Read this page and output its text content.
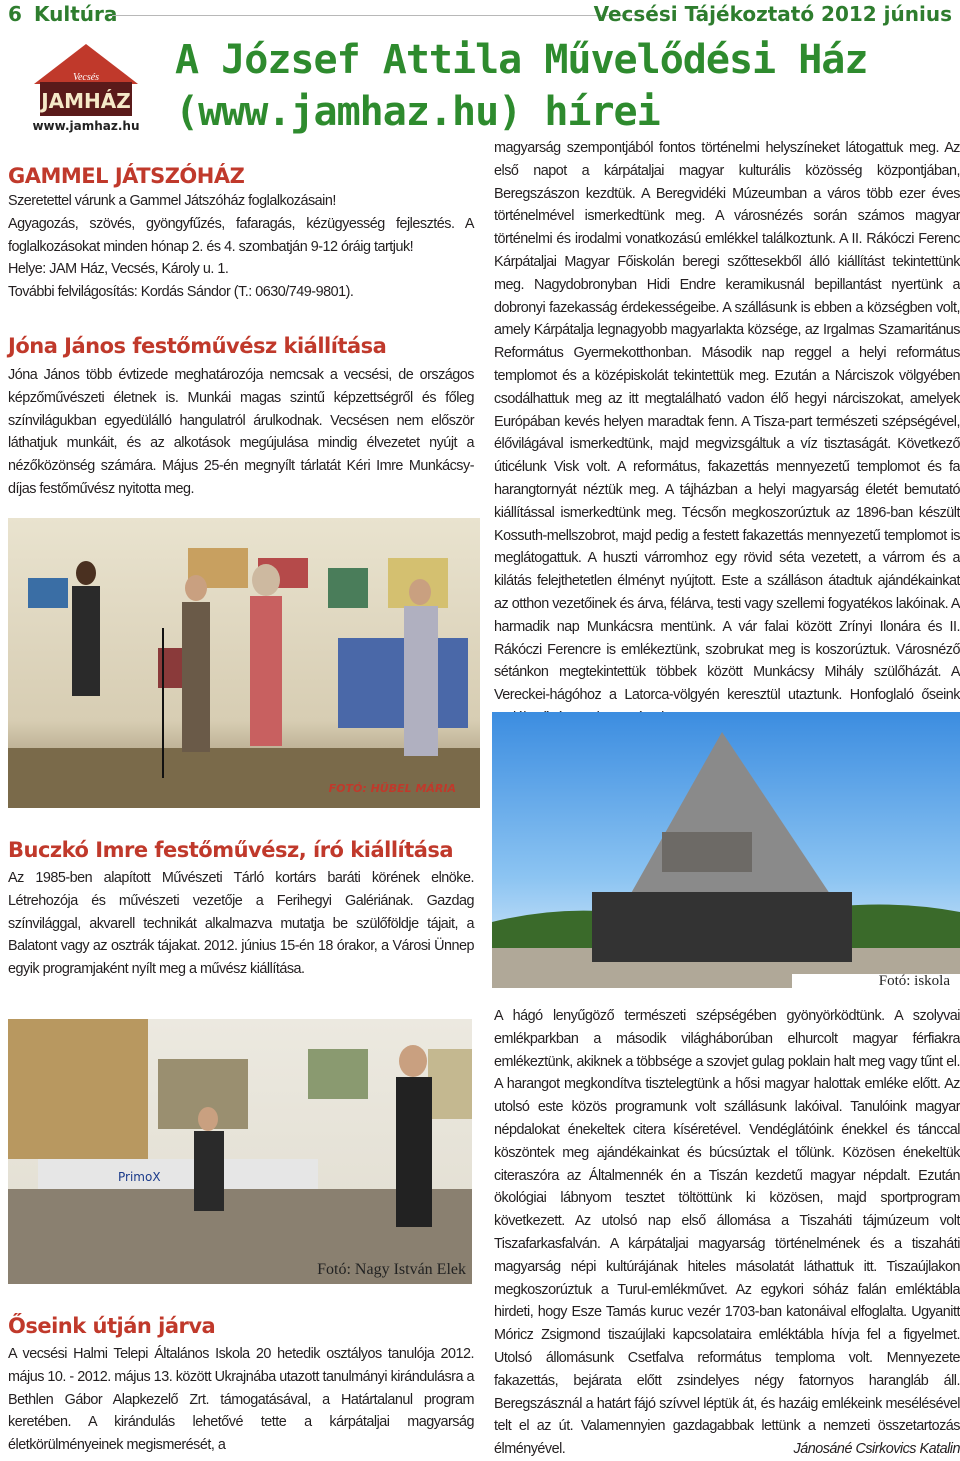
6 Kultúra	Vecsési Tájékoztató 2012 június
Vecsés
JAMHÁZ
www.jamhaz.hu
A József Attila Művelődési Ház
(www.jamhaz.hu) hírei
GAMMEL JÁTSZÓHÁZ

Szeretettel várunk a Gammel Játszóház foglalkozásain!

Agyagozás, szövés, gyöngyfűzés, fafaragás, kézügyesség fejlesztés. A foglalkozásokat minden hónap 2. és 4. szombatján 9-12 óráig tartjuk!

Helye: JAM Ház, Vecsés, Károly u. 1.

További felvilágosítás: Kordás Sándor (T.: 0630/749-9801).

Jóna János festőművész kiállítása

Jóna János több évtizede meghatározója nemcsak a vecsési, de országos képzőművészeti életnek is. Munkái magas szintű képzettségről és főleg színvilágukban egyedülálló hangulatról árulkodnak. Vecsésen nem először láthatjuk munkáit, és az alkotások megújulása mindig élvezetet nyújt a nézőközönség számára. Május 25-én megnyílt tárlatát Kéri Imre Munkácsy-díjas festőművész nyitotta meg.

FOTÓ: HÜBEL MÁRIA
Buczkó Imre festőművész, író kiállítása

Az 1985-ben alapított Művészeti Tárló kortárs baráti körének elnöke. Létrehozója és művészeti vezetője a Ferihegyi Galériának. Gazdag színvilággal, akvarell technikát alkalmazva mutatja be szülőföldje tájait, a Balatont vagy az osztrák tájakat. 2012. június 15-én 18 órakor, a Városi Ünnep egyik programjaként nyílt meg a művész kiállítása.

PrimoX
Fotó: Nagy István Elek
Őseink útján járva

A vecsési Halmi Telepi Általános Iskola 20 hetedik osztályos tanulója 2012. május 10. - 2012. május 13. között Ukrajnába utazott tanulmányi kirándulásra a Bethlen Gábor Alapkezelő Zrt. támogatásával, a Határtalanul program keretében. A kirándulás lehetővé tette a kárpátaljai magyarság életkörülményeinek megismerését, a

magyarság szempontjából fontos történelmi helyszíneket látogattuk meg. Az első napot a kárpátaljai magyar kulturális közösség központjában, Beregszászon kezdtük. A Beregvidéki Múzeumban a város több ezer éves történelmével ismerkedtünk meg. A városnézés során számos magyar történelmi és irodalmi vonatkozású emlékkel találkoztunk. A II. Rákóczi Ferenc Kárpátaljai Magyar Főiskolán beregi szőttesekből álló kiállítást tekintettünk meg. Nagydobronyban Hidi Endre keramikusnál bepillantást nyertünk a dobronyi fazekasság érdekességeibe. A szállásunk is ebben a községben volt, amely Kárpátalja legnagyobb magyarlakta községe, az Irgalmas Szamaritánus Református Gyermekotthonban. Második nap reggel a helyi református templomot és a középiskolát tekintettük meg. Ezután a Nárciszok völgyében csodálhattuk meg az itt megtalálható vadon élő hegyi nárciszokat, amelyek Európában kevés helyen maradtak fenn. A Tisza-part természeti szépségével, élővilágával ismerkedtünk, majd megvizsgáltuk a víz tisztaságát. Következő úticélunk Visk volt. A református, fakazettás mennyezetű templomot és fa harangtornyát néztük meg. A tájházban a helyi magyarság életét bemutató kiállítással ismerkedtünk meg. Técsőn megkoszorúztuk az 1896-ban készült Kossuth-mellszobrot, majd pedig a festett fakazettás mennyezetű templomot is meglátogattuk. A huszti várromhoz egy rövid séta vezetett, a várrom és a kilátás felejthetetlen élményt nyújtott. Este a szálláson átadtuk ajándékainkat az otthon vezetőinek és árva, félárva, testi vagy szellemi fogyatékos lakóinak. A harmadik nap Munkácsra mentünk. A vár falai között Zrínyi Ilonára és II. Rákóczi Ferencre is emlékeztünk, szobrukat meg is koszorúztuk. Városnéző sétánkon megtekintettük többek között Munkácsy Mihály szülőházát. A Vereckei-hágóhoz a Latorca-völgyén keresztül utaztunk. Honfoglaló őseink

Fotó: iskola

A hágó lenyűgöző természeti szépségében gyönyörködtünk. A szolyvai emlékparkban a második világháborúban elhurcolt magyar férfiakra emlékeztünk, akiknek a többsége a szovjet gulag poklain halt meg vagy tűnt el. A harangot megkondítva tisztelegtünk a hősi magyar halottak emléke előtt. Az utolsó este közös programunk volt szállásunk lakóival. Tanulóink magyar népdalokat énekeltek citera kíséretével. Vendéglátóink énekkel és tánccal köszöntek meg ajándékainkat és búcsúztak el tőlünk. Közösen énekeltük citeraszóra az Általmennék én a Tiszán kezdetű magyar népdalt. Ezután ökológiai lábnyom tesztet töltöttünk ki közösen, majd sportprogram következett. Az utolsó nap első állomása a Tiszaháti tájmúzeum volt Tiszafarkasfalván. A kárpátaljai magyarság történelmének és a tiszaháti magyarság népi kultúrájának hiteles másolatát láthattuk itt. Tiszaújlakon megkoszorúztuk a Turul-emlékművet. Az egykori sóház falán emléktábla hirdeti, hogy Esze Tamás kuruc vezér 1703-ban katonáival elfoglalta. Ugyanitt Móricz Zsigmond tiszaújlaki kapcsolataira emléktábla hívja fel a figyelmet. Utolsó állomásunk Csetfalva református temploma volt. Mennyezete fakazettás, bejárata előtt zsindelyes négy fatornyos harangláb áll. Beregszásznál a határt fájó szívvel léptük át, és hazáig emlékeink mesélésével telt el az út. Valamennyien gazdagabbak lettünk a nemzeti összetartozás élményével.	Jánosáné Csirkovics Katalin
